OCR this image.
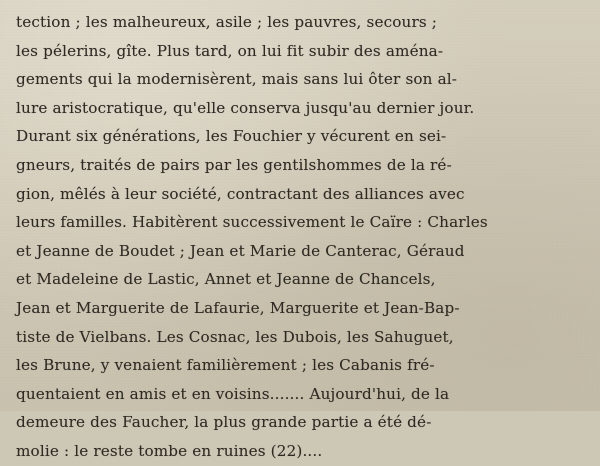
tection ; les malheureux, asile ; les pauvres, secours ;
les pélerins, gîte. Plus tard, on lui fit subir des aména-
gements qui la modernisèrent, mais sans lui ôter son al-
lure aristocratique, qu'elle conserva jusqu'au dernier jour.
Durant six générations, les Fouchier y vécurent en sei-
gneurs, traités de pairs par les gentilshommes de la ré-
gion, mêlés à leur société, contractant des alliances avec
leurs familles. Habitèrent successivement le Caïre : Charles
et Jeanne de Boudet ; Jean et Marie de Canterac, Géraud
et Madeleine de Lastic, Annet et Jeanne de Chancels,
Jean et Marguerite de Lafaurie, Marguerite et Jean-Bap-
tiste de Vielbans. Les Cosnac, les Dubois, les Sahuguet,
les Brune, y venaient familièrement ; les Cabanis fré-
quentaient en amis et en voisins....... Aujourd'hui, de la
demeure des Faucher, la plus grande partie a été dé-
molie : le reste tombe en ruines (22)....
